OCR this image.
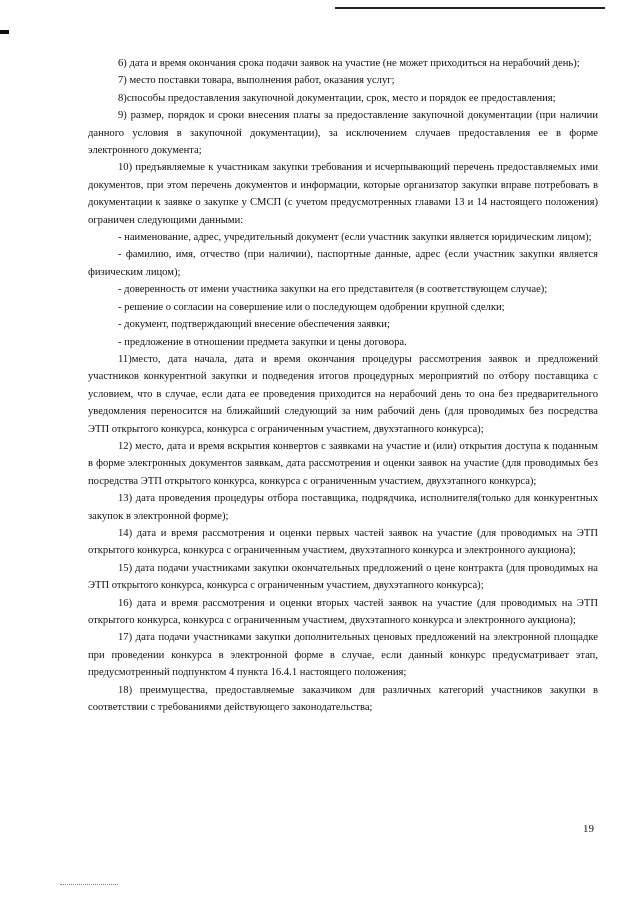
6) дата и время окончания срока подачи заявок на участие (не может приходиться на нерабочий день);

7) место поставки товара, выполнения работ, оказания услуг;

8)способы предоставления закупочной документации, срок, место и порядок ее предоставления;

9) размер, порядок и сроки внесения платы за предоставление закупочной документации (при наличии данного условия в закупочной документации), за исключением случаев предоставления ее в форме электронного документа;

10) предъявляемые к участникам закупки требования и исчерпывающий перечень предоставляемых ими документов, при этом перечень документов и информации, которые организатор закупки вправе потребовать в документации к заявке о закупке у СМСП (с учетом предусмотренных главами 13 и 14 настоящего положения) ограничен следующими данными:

- наименование, адрес, учредительный документ (если участник закупки является юридическим лицом);

- фамилию, имя, отчество (при наличии), паспортные данные, адрес (если участник закупки является физическим лицом);

- доверенность от имени участника закупки на его представителя (в соответствующем случае);

- решение о согласии на совершение или о последующем одобрении крупной сделки;

- документ, подтверждающий внесение обеспечения заявки;

- предложение в отношении предмета закупки и цены договора.

11)место, дата начала, дата и время окончания процедуры рассмотрения заявок и предложений участников конкурентной закупки и подведения итогов процедурных мероприятий по отбору поставщика с условием, что в случае, если дата ее проведения приходится на нерабочий день то она без предварительного уведомления переносится на ближайший следующий за ним рабочий день (для проводимых без посредства ЭТП открытого конкурса, конкурса с ограниченным участием, двухэтапного конкурса);

12) место, дата и время вскрытия конвертов с заявками на участие и (или) открытия доступа к поданным в форме электронных документов заявкам, дата рассмотрения и оценки заявок на участие (для проводимых без посредства ЭТП открытого конкурса, конкурса с ограниченным участием, двухэтапного конкурса);

13) дата проведения процедуры отбора поставщика, подрядчика, исполнителя(только для конкурентных закупок в электронной форме);

14) дата и время рассмотрения и оценки первых частей заявок на участие (для проводимых на ЭТП открытого конкурса, конкурса с ограниченным участием, двухэтапного конкурса и электронного аукциона);

15) дата подачи участниками закупки окончательных предложений о цене контракта (для проводимых на ЭТП открытого конкурса, конкурса с ограниченным участием, двухэтапного конкурса);

16) дата и время рассмотрения и оценки вторых частей заявок на участие (для проводимых на ЭТП открытого конкурса, конкурса с ограниченным участием, двухэтапного конкурса и электронного аукциона);

17) дата подачи участниками закупки дополнительных ценовых предложений на электронной площадке при проведении конкурса в электронной форме в случае, если данный конкурс предусматривает этап, предусмотренный подпунктом 4 пункта 16.4.1 настоящего положения;

18) преимущества, предоставляемые заказчиком для различных категорий участников закупки в соответствии с требованиями действующего законодательства;

19
